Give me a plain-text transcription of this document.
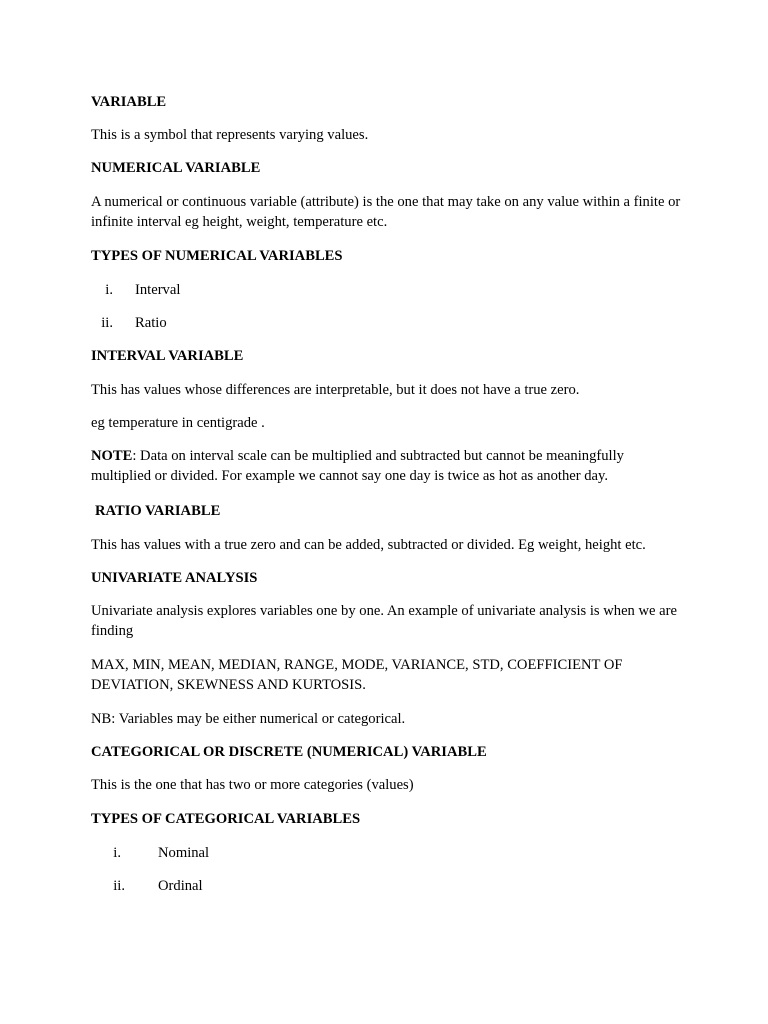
VARIABLE

This is a symbol that represents varying values.

NUMERICAL VARIABLE

A numerical or continuous variable (attribute) is the one that may take on any value within a finite or infinite interval eg height, weight, temperature etc.

TYPES OF NUMERICAL VARIABLES

i. Interval
ii. Ratio

INTERVAL VARIABLE

This has values whose differences are interpretable, but it does not have a true zero.

eg temperature in centigrade .

NOTE: Data on interval scale can be multiplied and subtracted but cannot be meaningfully multiplied or divided. For example we cannot say one day is twice as hot as another day.

RATIO VARIABLE

This has values with a true zero and can be added, subtracted or divided. Eg weight, height etc.

UNIVARIATE ANALYSIS

Univariate analysis explores variables one by one. An example of univariate analysis is when we are finding

MAX, MIN, MEAN, MEDIAN, RANGE, MODE, VARIANCE, STD, COEFFICIENT OF DEVIATION, SKEWNESS AND KURTOSIS.

NB: Variables may be either numerical or categorical.

CATEGORICAL OR DISCRETE (NUMERICAL) VARIABLE

This is the one that has two or more categories (values)

TYPES OF CATEGORICAL VARIABLES

i.	Nominal
ii. Ordinal
